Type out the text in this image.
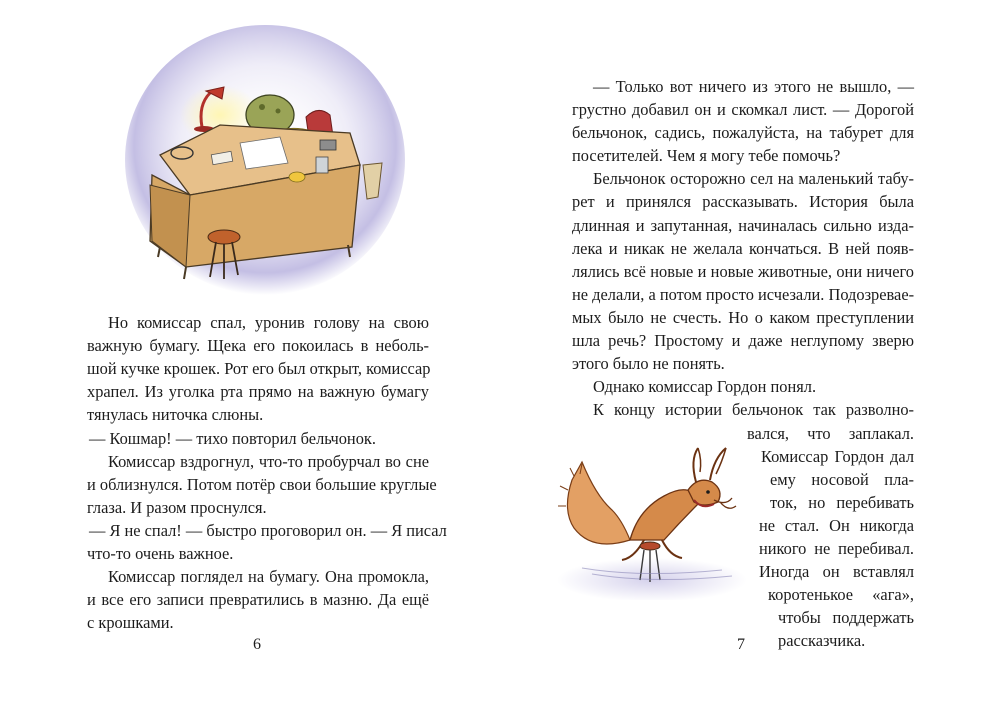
Но комиссар спал, уронив голову на свою
важную бумагу. Щека его покоилась в неболь-
шой кучке крошек. Рот его был открыт, комиссар
храпел. Из уголка рта прямо на важную бумагу
тянулась ниточка слюны.
— Кошмар! — тихо повторил бельчонок.
Комиссар вздрогнул, что-то пробурчал во сне
и облизнулся. Потом потёр свои большие круглые
глаза. И разом проснулся.
— Я не спал! — быстро проговорил он. — Я писал
что-то очень важное.
Комиссар поглядел на бумагу. Она промокла,
и все его записи превратились в мазню. Да ещё
с крошками.
6
— Только вот ничего из этого не вышло, —
грустно добавил он и скомкал лист. — Дорогой
бельчонок, садись, пожалуйста, на табурет для
посетителей. Чем я могу тебе помочь?
Бельчонок осторожно сел на маленький табу-
рет и принялся рассказывать. История была
длинная и запутанная, начиналась сильно изда-
лека и никак не желала кончаться. В ней появ-
лялись всё новые и новые животные, они ничего
не делали, а потом просто исчезали. Подозревае-
мых было не счесть. Но о каком преступлении
шла речь? Простому и даже неглупому зверю
этого было не понять.
Однако комиссар Гордон понял.
К концу истории бельчонок так разволно-
вался, что заплакал.
Комиссар Гордон дал
ему носовой пла-
ток, но перебивать
не стал. Он никогда
никого не перебивал.
Иногда он вставлял
коротенькое «ага»,
чтобы поддержать
рассказчика.
7
